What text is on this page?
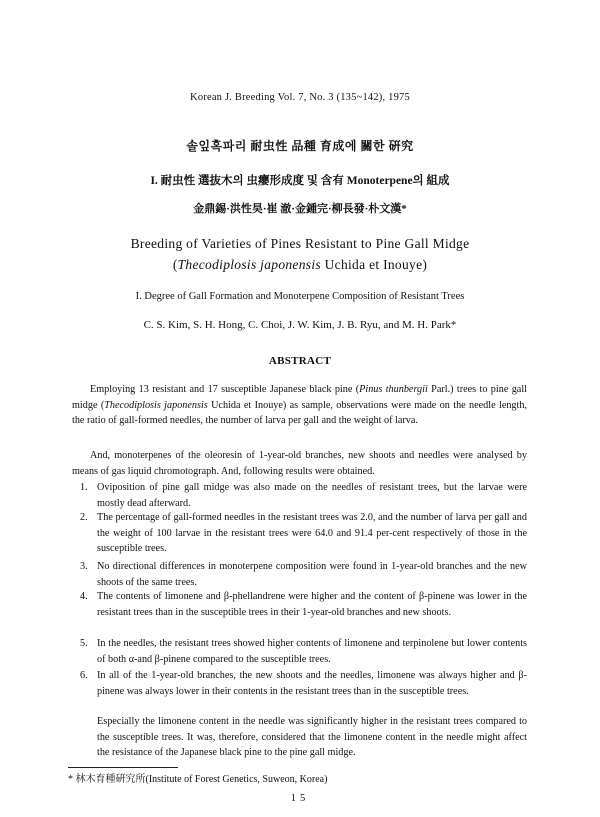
Korean J. Breeding Vol. 7, No. 3 (135~142), 1975
솔잎혹파리 耐虫性 品種 育成에 關한 硏究
I. 耐虫性 選抜木의 虫癭形成度 및 含有 Monoterpene의 組成
金鼎錫·洪性昊·崔 澈·金鍾完·柳長發·朴文漢*
Breeding of Varieties of Pines Resistant to Pine Gall Midge
(Thecodiplosis japonensis Uchida et Inouye)
I. Degree of Gall Formation and Monoterpene Composition of Resistant Trees
C. S. Kim, S. H. Hong, C. Choi, J. W. Kim, J. B. Ryu, and M. H. Park*
ABSTRACT
Employing 13 resistant and 17 susceptible Japanese black pine (Pinus thunbergii Parl.) trees to pine gall midge (Thecodiplosis japonensis Uchida et Inouye) as sample, observations were made on the needle length, the ratio of gall-formed needles, the number of larva per gall and the weight of larva.
And, monoterpenes of the oleoresin of 1-year-old branches, new shoots and needles were analysed by means of gas liquid chromotograph. And, following results were obtained.
1. Oviposition of pine gall midge was also made on the needles of resistant trees, but the larvae were mostly dead afterward.
2. The percentage of gall-formed needles in the resistant trees was 2.0, and the number of larva per gall and the weight of 100 larvae in the resistant trees were 64.0 and 91.4 per-cent respectively of those in the susceptible trees.
3. No directional differences in monoterpene composition were found in 1-year-old branches and the new shoots of the same trees.
4. The contents of limonene and β-phellandrene were higher and the content of β-pinene was lower in the resistant trees than in the susceptible trees in their 1-year-old branches and new shoots.
5. In the needles, the resistant trees showed higher contents of limonene and terpinolene but lower contents of both α-and β-pinene compared to the susceptible trees.
6. In all of the 1-year-old branches, the new shoots and the needles, limonene was always higher and β-pinene was always lower in their contents in the resistant trees than in the susceptible trees.
Especially the limonene content in the needle was significantly higher in the resistant trees compared to the susceptible trees. It was, therefore, considered that the limonene content in the needle might affect the resistance of the Japanese black pine to the pine gall midge.
* 林木育種硏究所(Institute of Forest Genetics, Suweon, Korea)
15
